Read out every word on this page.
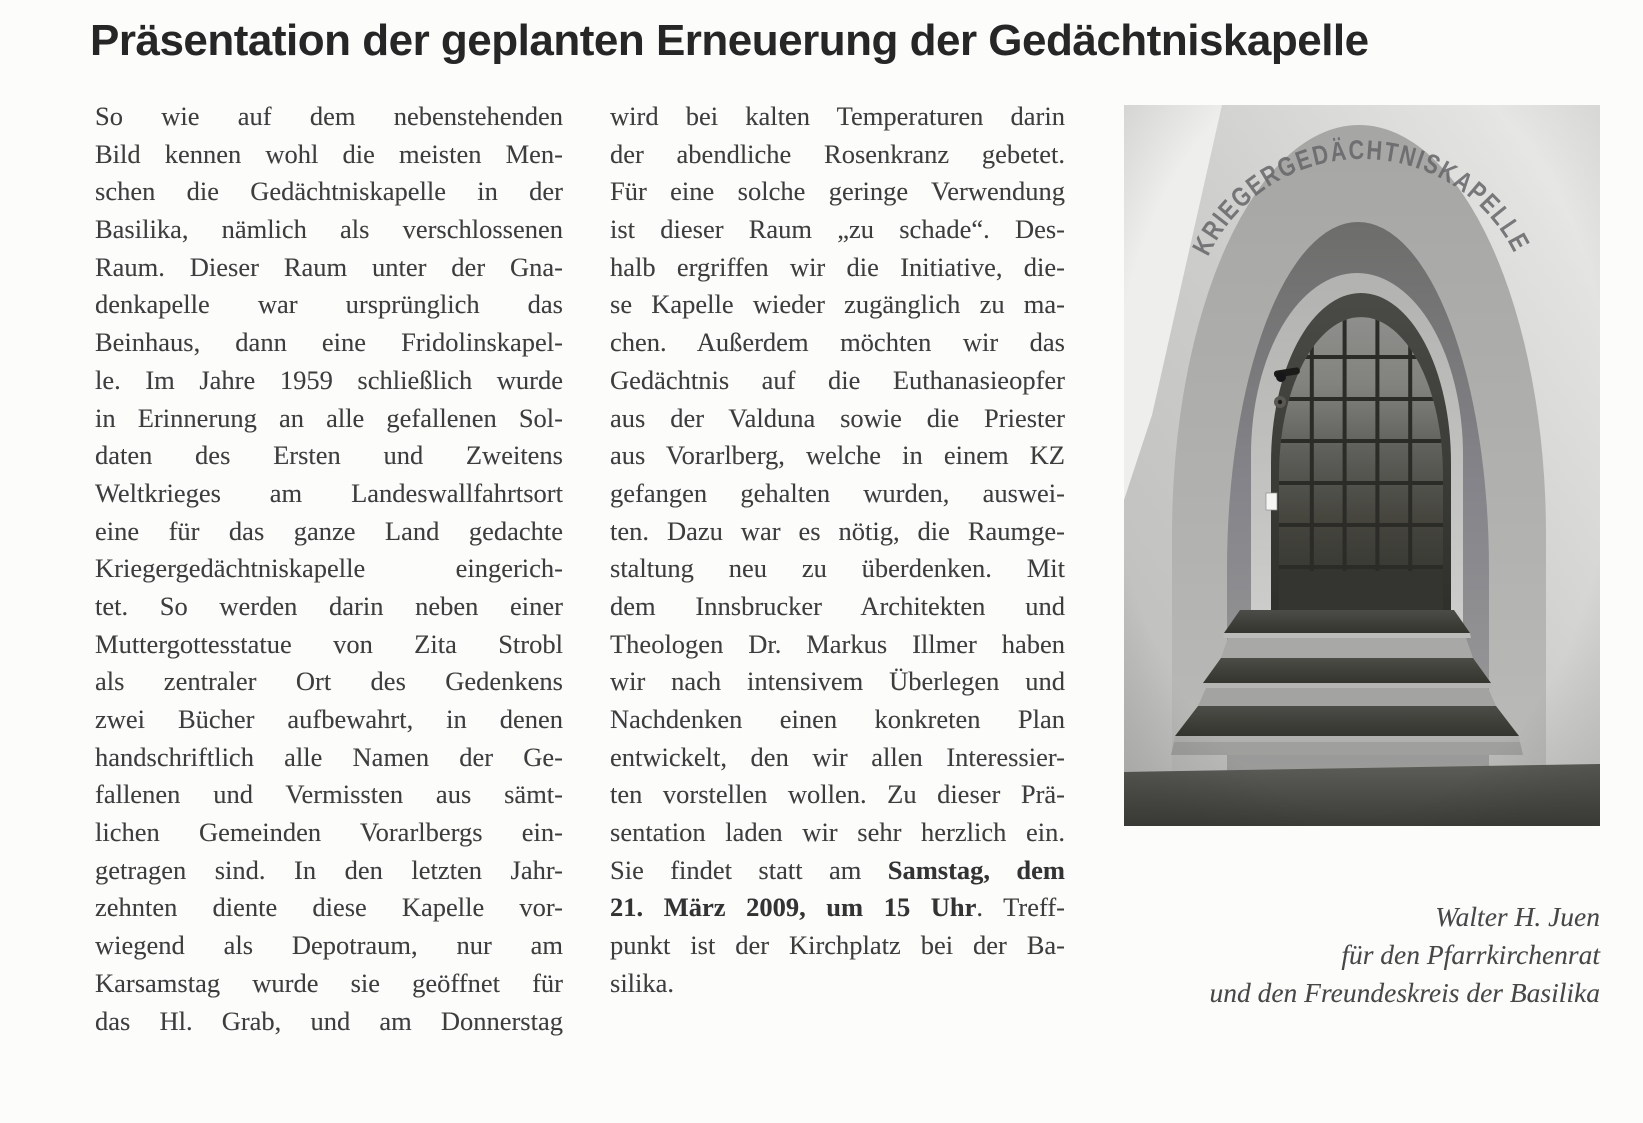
Präsentation der geplanten Erneuerung der Gedächtniskapelle
So wie auf dem nebenstehenden
Bild kennen wohl die meisten Men-
schen die Gedächtniskapelle in der
Basilika, nämlich als verschlossenen
Raum. Dieser Raum unter der Gna-
denkapelle war ursprünglich das
Beinhaus, dann eine Fridolinskapel-
le. Im Jahre 1959 schließlich wurde
in Erinnerung an alle gefallenen Sol-
daten des Ersten und Zweitens
Weltkrieges am Landeswallfahrtsort
eine für das ganze Land gedachte
Kriegergedächtniskapelle eingerich-
tet. So werden darin neben einer
Muttergottesstatue von Zita Strobl
als zentraler Ort des Gedenkens
zwei Bücher aufbewahrt, in denen
handschriftlich alle Namen der Ge-
fallenen und Vermissten aus sämt-
lichen Gemeinden Vorarlbergs ein-
getragen sind. In den letzten Jahr-
zehnten diente diese Kapelle vor-
wiegend als Depotraum, nur am
Karsamstag wurde sie geöffnet für
das Hl. Grab, und am Donnerstag
wird bei kalten Temperaturen darin
der abendliche Rosenkranz gebetet.
Für eine solche geringe Verwendung
ist dieser Raum „zu schade“. Des-
halb ergriffen wir die Initiative, die-
se Kapelle wieder zugänglich zu ma-
chen. Außerdem möchten wir das
Gedächtnis auf die Euthanasieopfer
aus der Valduna sowie die Priester
aus Vorarlberg, welche in einem KZ
gefangen gehalten wurden, auswei-
ten. Dazu war es nötig, die Raumge-
staltung neu zu überdenken. Mit
dem Innsbrucker Architekten und
Theologen Dr. Markus Illmer haben
wir nach intensivem Überlegen und
Nachdenken einen konkreten Plan
entwickelt, den wir allen Interessier-
ten vorstellen wollen. Zu dieser Prä-
sentation laden wir sehr herzlich ein.
Sie findet statt am Samstag, dem
21. März 2009, um 15 Uhr. Treff-
punkt ist der Kirchplatz bei der Ba-
silika.
Walter H. Juen
für den Pfarrkirchenrat
und den Freundeskreis der Basilika
